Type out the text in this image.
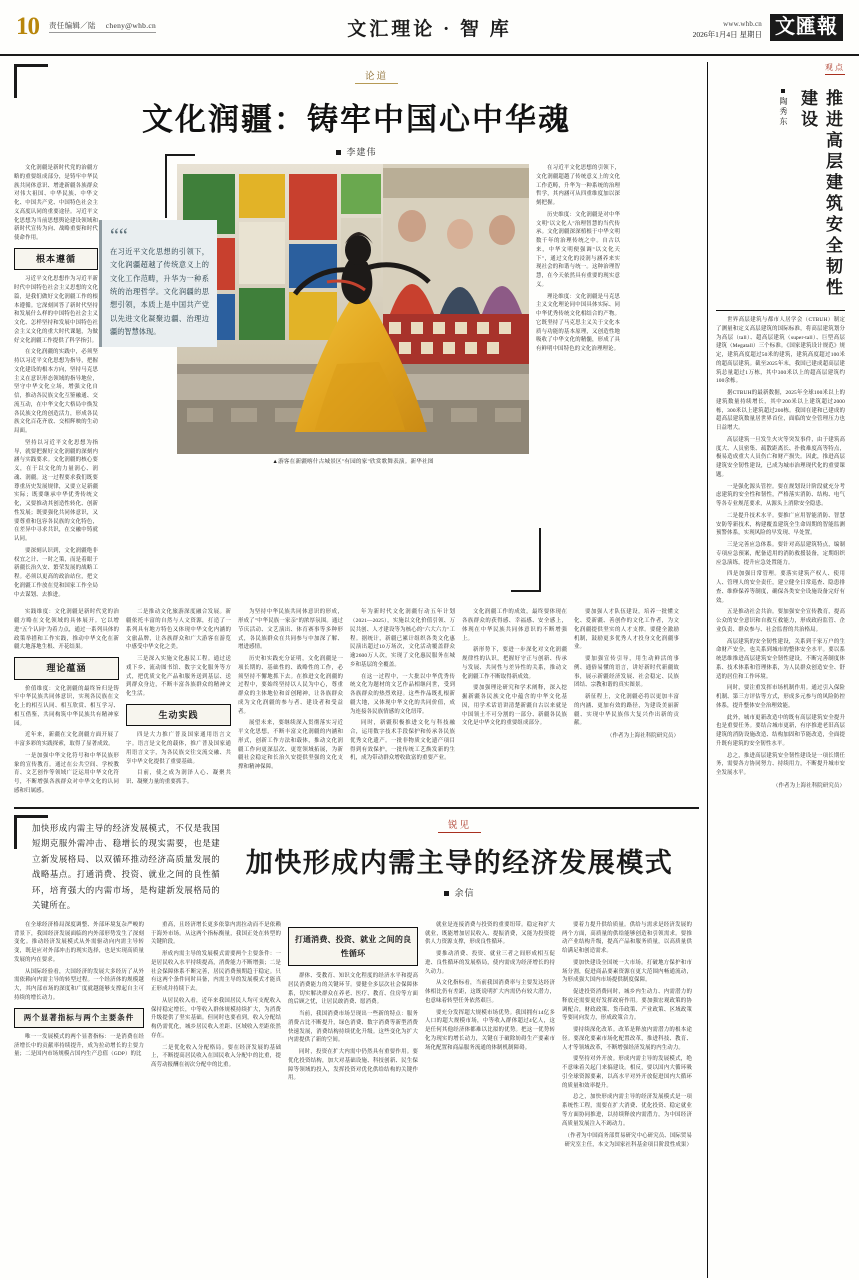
10 责任编辑／陆　 cheny@whb.cn	文汇理论 · 智 库	www.whb.cn
2026年1月4日 星期日 文匯報
论道
文化润疆：铸牢中国心中华魂
李建伟

文化润疆是新时代党的治疆方略的重要组成部分，是铸牢中华民族共同体意识、增进新疆各族群众对伟大祖国、中华民族、中华文化、中国共产党、中国特色社会主义高度认同的重要途径。习近平文化思想为当前思想舆论建设领域和新时代宣传为向、战略重要和时代使命作用。

根本遵循

习近平文化思想作为习近平新时代中国特色社会主义思想的文化篇，是我们做好文化润疆工作的根本遵循。它深刻回答了新时代坚持和发展什么样的中国特色社会主义文化、怎样坚持和发展中国特色社会主义文化的重大时代课题，为做好文化润疆工作提供了科学指引。

在文化润疆的实践中，必须坚持以习近平文化思想为指导，把握文化建设的根本方向，坚持马克思主义在意识形态领域的指导地位，坚守中华文化立场，增强文化自信，推动各民族文化互鉴融通、交流互动，在中华文化大格局中焕发各民族文化的创造活力，形成各民族文化百花齐放、交相辉映的生动局面。

坚持以习近平文化思想为指导，就要把握好文化润疆的深刻内涵与实践要求。文化润疆的核心要义，在于以文化的力量润心、润魂、润疆。这一过程要求我们既要尊重历史发展规律，又要立足新疆实际；既要继承中华优秀传统文化，又要推动其创造性转化、创新性发展；既要强化共同体意识，又要尊重和包容各民族的文化特色，在差异中寻求共识，在交融中铸就认同。

要深刻认识到，文化润疆绝非权宜之计、一时之策，而是着眼于新疆长治久安、繁荣发展的战略工程。必须以更高的政治站位，把文化润疆工作放在党和国家工作全局中去谋划、去推进。

▲游客在新疆喀什古城景区"有园的家"欣赏歌舞表演。新华社图
““
在习近平文化思想的引领下，文化润疆超越了传统意义上的文化工作范畴，升华为一种系统的治理哲学。文化润疆的思想引领，本质上是中国共产党以先进文化凝聚边疆、治理边疆的智慧体现。

在习近平文化思想的引领下，文化润疆超越了传统意义上的文化工作范畴，升华为一种系统的治理哲学，其内涵可从四重维度加以深刻把握。

历史维度：文化润疆是对中华文明"以文化人"治理智慧的当代传承。文化润疆深深植根于中华文明数千年的治理传统之中。自古以来，中华文明便强调"以文化天下"，通过文化的浸润与涵养来实现社会的和谐与统一。这种治理智慧，在今天依然具有重要的现实意义。

理论维度：文化润疆是马克思主义文化理论同中国具体实际、同中华优秀传统文化相结合的产物。它既坚持了马克思主义关于文化本质与功能的基本原理，又创造性地吸收了中华文化的精髓，形成了具有鲜明中国特色的文化治理理论。

实践维度：文化润疆是新时代党的治疆方略在文化领域的具体展开。它以增进"五个认同"为着力点，通过一系列具体的政策举措和工作实践，推动中华文化在新疆大地落地生根、开花结果。

理论蕴涵

价值维度：文化润疆的最终旨归是铸牢中华民族共同体意识，实现各民族在文化上的相互认同、相互欣赏、相互学习、相互借鉴，共同构筑中华民族共有精神家园。

近年来，新疆在文化润疆方面开展了丰富多彩的实践探索，取得了显著成效。

一是加强中华文化符号和中华民族形象的宣传教育。通过在公共空间、学校教育、文艺创作等领域广泛运用中华文化符号，不断增强各族群众对中华文化的认同感和归属感。

二是推动文化旅游深度融合发展。新疆依托丰富的自然与人文资源，打造了一系列具有地方特色又体现中华文化内涵的文旅品牌，让各族群众和广大游客在游览中感受中华文化之美。

三是深入实施文化惠民工程。通过送戏下乡、流动图书馆、数字文化服务等方式，把优质文化产品和服务送到基层、送到群众身边，不断丰富各族群众的精神文化生活。

生动实践

四是大力推广普及国家通用语言文字。语言是文化的载体，推广普及国家通用语言文字，为各民族交往交流交融、共享中华文化提供了重要基础。

目前，使之成为润泽人心、凝聚共识、凝聚力量的重要抓手。

为坚持中华民族共同体意识的形成，形成了"中华民族一家亲"的浓厚氛围。通过节庆活动、文艺演出、体育赛事等多种形式，各民族群众在共同参与中加深了解、增进感情。

历史和实践充分证明，文化润疆是一项长期的、基础性的、战略性的工作，必须坚持不懈地抓下去。在推进文化润疆的过程中，要始终坚持以人民为中心，尊重群众的主体地位和首创精神，让各族群众成为文化润疆的参与者、建设者和受益者。

展望未来，要继续深入贯彻落实习近平文化思想，不断丰富文化润疆的内涵和形式，创新工作方法和载体，推动文化润疆工作向更深层次、更宽领域拓展，为新疆社会稳定和长治久安提供坚强的文化支撑和精神保障。

年为新时代文化润疆行动五年计划（2021—2025），实施以文化价值引领、万民共创、人才建设等为核心的"六大六力"工程。据统计，新疆已累计组织各类文化惠民演出超过10万场次，文化活动覆盖群众逾2600万人次，实现了文化惠民服务在城乡和基层的全覆盖。

在这一过程中，一大批以中华优秀传统文化为题材的文艺作品相继问世，受到各族群众的热烈欢迎。这些作品既扎根新疆大地，又体现中华文化的共同价值，成为连接各民族情感的文化纽带。

同时，新疆积极推进文化与科技融合，运用数字技术手段保护和传承各民族优秀文化遗产。一批非物质文化遗产项目得到有效保护，一批传统工艺焕发新的生机，成为带动群众增收致富的重要产业。

文化润疆工作的成效，最终要体现在各族群众的获得感、幸福感、安全感上，体现在中华民族共同体意识的不断增强上。

新形势下，要进一步深化对文化润疆规律性的认识，把握好守正与创新、传承与发展、共同性与差异性的关系，推动文化润疆工作不断取得新成效。

要加强理论研究和学术阐释，深入挖掘新疆各民族文化中蕴含的中华文化基因，用学术话语讲清楚新疆自古以来就是中国领土不可分割的一部分、新疆各民族文化是中华文化的重要组成部分。

要加强人才队伍建设，培养一批懂文化、爱新疆、善创作的文化工作者，为文化润疆提供坚实的人才支撑。要健全激励机制，鼓励更多优秀人才投身文化润疆事业。

要加强宣传引导，用生动鲜活的事例、通俗易懂的语言，讲好新时代新疆故事，展示新疆经济发展、社会稳定、民族团结、宗教和谐的真实图景。

新征程上，文化润疆必将以更加丰富的内涵、更加有效的路径，为建设美丽新疆、实现中华民族伟大复兴作出新的贡献。

（作者为上海社科院研究员）
加快形成内需主导的经济发展模式，不仅是我国短期克服外需冲击、稳增长的现实需要，也是建立新发展格局、以双循环推动经济高质量发展的战略基点。打通消费、投资、就业之间的良性循环，培育强大的内需市场，是构建新发展格局的关键所在。
锐见
加快形成内需主导的经济发展模式
余信

在全球经济格局深度调整、外部环境复杂严峻的背景下，我国经济发展面临的内外部形势发生了深刻变化。推动经济发展模式从外需驱动向内需主导转变，既是应对外部冲击的现实选择，也是实现高质量发展的内在要求。

从国际经验看，大国经济的发展大多经历了从外需依赖向内需主导的转型过程。一个经济体的规模越大，其内部市场的深度和广度就越能够支撑起自主可持续的增长动力。

两个显著指标与两个主要条件

唯一一发展模式的两个显著指标：一是消费在经济增长中的贡献率持续提升，成为拉动增长的主要力量；二是国内市场规模占国内生产总值（GDP）的比

重高，且经济增长更多依靠内需拉动而不是依赖于海外市场。从这两个指标衡量，我国正处在转型的关键阶段。

形成内需主导的发展模式需要两个主要条件：一是居民收入水平持续提高，消费能力不断增强；二是社会保障体系不断完善，居民消费预期趋于稳定。只有这两个条件同时具备，内需主导的发展模式才能真正形成并持续下去。

从居民收入看，近年来我国居民人均可支配收入保持稳定增长，中等收入群体规模持续扩大，为消费升级提供了坚实基础。但同时也要看到，收入分配结构仍需优化，城乡居民收入差距、区域收入差距依然存在。

二是优化收入分配格局。要在经济发展的基础上，不断提高居民收入在国民收入分配中的比重，提高劳动报酬在初次分配中的比重。

打通消费、投资、就业 之间的良性循环

群体、受教育、知识文化程度的经济水平和提高居民消费能力的关键环节。要健全多层次社会保障体系，切实解决群众在养老、医疗、教育、住房等方面的后顾之忧，让居民敢消费、愿消费。

当前，我国消费市场呈现出一些新的特点：服务消费占比不断提升，绿色消费、数字消费等新型消费快速发展，消费结构持续优化升级。这些变化为扩大内需提供了新的空间。

同时，投资在扩大内需中仍然具有重要作用。要优化投资结构，加大对基础设施、科技创新、民生保障等领域的投入，发挥投资对优化供给结构的关键作用。

就业是连接消费与投资的重要纽带。稳定和扩大就业，既能增加居民收入、提振消费，又能为投资提供人力资源支撑，形成良性循环。

要推动消费、投资、就业三者之间形成相互促进、良性循环的发展格局，使内需成为经济增长的持久动力。

从文化指标看，当前我国消费率与主要发达经济体相比仍有差距，这既说明扩大内需仍有较大潜力，也意味着转型任务依然艰巨。

要充分发挥超大规模市场优势。我国拥有14亿多人口的超大规模市场，中等收入群体超过4亿人，这是任何其他经济体都难以比拟的优势。把这一优势转化为现实的增长动力，关键在于破除妨碍生产要素市场化配置和商品服务流通的体制机制障碍。

要着力提升供给质量。供给与需求是经济发展的两个方面，高质量的供给能够创造和引领需求。要推动产业结构升级，提高产品和服务质量，以高质量供给满足和创造需求。

要加快建设全国统一大市场。打破地方保护和市场分割，促进商品要素资源在更大范围内畅通流动，为形成强大国内市场提供制度保障。

促进投资消费同时，城乡内生动力、内需潜力的释放还需要更好发挥政府作用。要加强宏观政策的协调配合，财政政策、货币政策、产业政策、区域政策等要同向发力，形成政策合力。

要持续深化改革。改革是释放内需潜力的根本途径。要深化要素市场化配置改革，推进科技、教育、人才等领域改革，不断增强经济发展的内生动力。

要坚持对外开放。形成内需主导的发展模式，绝不意味着关起门来搞建设。相反，要以国内大循环吸引全球资源要素，以高水平对外开放促进国内大循环的质量和效率提升。

总之，加快形成内需主导的经济发展模式是一项系统性工程，需要在扩大消费、优化投资、稳定就业等方面协同推进，以持续释放内需潜力，为中国经济高质量发展注入不竭动力。

（作者为中国商务部贸易研究中心研究员、国际贸易研究室主任，本文为国家社科基金项目阶段性成果）
观点
推进高层建筑安全韧性建设
陶秀东

世界高层建筑与都市人居学会（CTBUH）制定了测量和定义高层建筑的国际标准，将高层建筑划分为高层（tall）、超高层建筑（super-tall）、巨型高层建筑（Megatall）三个标准。《国家建筑设计规范》规定，建筑高度超过50米的建筑，建筑高度超过100米的超高层建筑。截至2025年末，我国已建成超高层建筑总量超过1万栋，其中300米以上的超高层建筑约100余栋。

据CTBUH的最新数据，2025年全球100米以上的建筑数量持续增长，其中200米以上建筑超过2000栋，300米以上建筑超过200栋。我国在建和已建成的超高层建筑数量居世界首位，面临的安全管理压力也日益增大。

高层建筑一旦发生火灾等突发事件，由于建筑高度大、人员密集、疏散距离长、扑救难度高等特点，极易造成重大人员伤亡和财产损失。因此，推进高层建筑安全韧性建设，已成为城市治理现代化的重要课题。

一是强化源头管控。要在规划设计阶段就充分考虑建筑的安全性和韧性，严格落实消防、结构、电气等各专业规范要求，从源头上消除安全隐患。

二是提升技术水平。要推广应用智能消防、智慧安防等新技术，构建覆盖建筑全生命周期的智能监测预警体系，实现风险的早发现、早处置。

三是完善应急体系。要针对高层建筑特点，编制专项应急预案，配备适用的消防救援装备，定期组织应急演练，提升应急处置能力。

四是加强日常管理。要落实建筑产权人、使用人、管理人的安全责任，建立健全日常巡查、隐患排查、维修保养等制度，确保各类安全设施设备完好有效。

五是推动社会共治。要加强安全宣传教育，提高公众的安全意识和自救互救能力，形成政府监管、企业负责、群众参与、社会监督的共治格局。

高层建筑的安全韧性建设，关系到千家万户的生命财产安全，也关系到城市的整体安全水平。要以系统思维推进高层建筑安全韧性建设，不断完善制度体系、技术体系和管理体系，为人民群众创造安全、舒适的居住和工作环境。

同时，要注重发挥市场机制作用。通过引入保险机制、第三方评估等方式，形成多元参与的风险防控体系，提升整体安全治理效能。

此外，城市更新改造中的既有高层建筑安全提升也是重要任务。要结合城市更新，有序推进老旧高层建筑的消防设施改造、结构加固和节能改造，全面提升既有建筑的安全韧性水平。

总之，推进高层建筑安全韧性建设是一项长期任务，需要各方协同努力、持续用力，不断提升城市安全发展水平。

（作者为上海社科院研究员）
